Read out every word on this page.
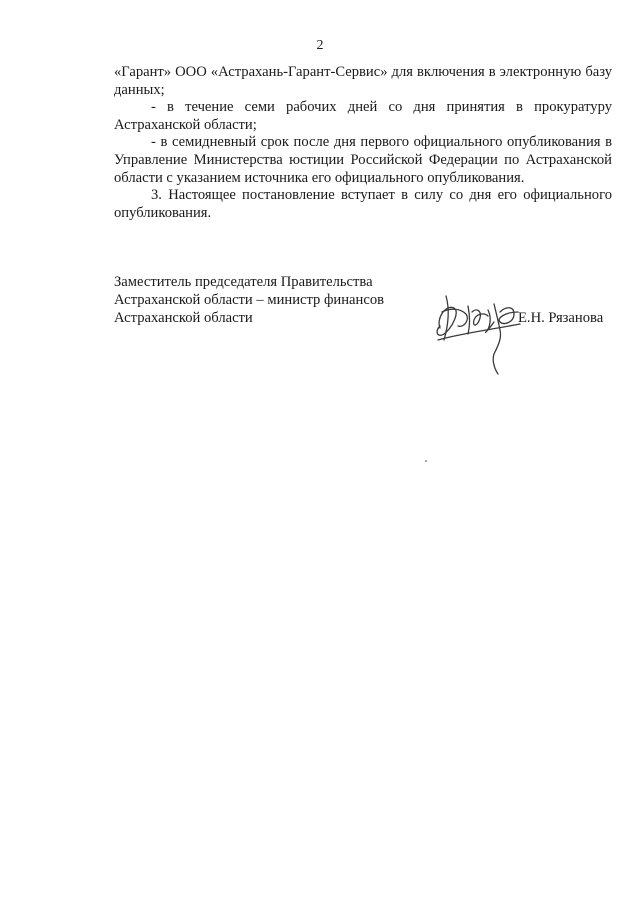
2

«Гарант» ООО «Астрахань-Гарант-Сервис» для включения в электронную базу данных;

- в течение семи рабочих дней со дня принятия в прокуратуру Астраханской области;

- в семидневный срок после дня первого официального опубликования в Управление Министерства юстиции Российской Федерации по Астраханской области с указанием источника его официального опубликования.

3. Настоящее постановление вступает в силу со дня его официального опубликования.

Заместитель председателя Правительства
Астраханской области – министр финансов
Астраханской области	Е.Н. Рязанова
